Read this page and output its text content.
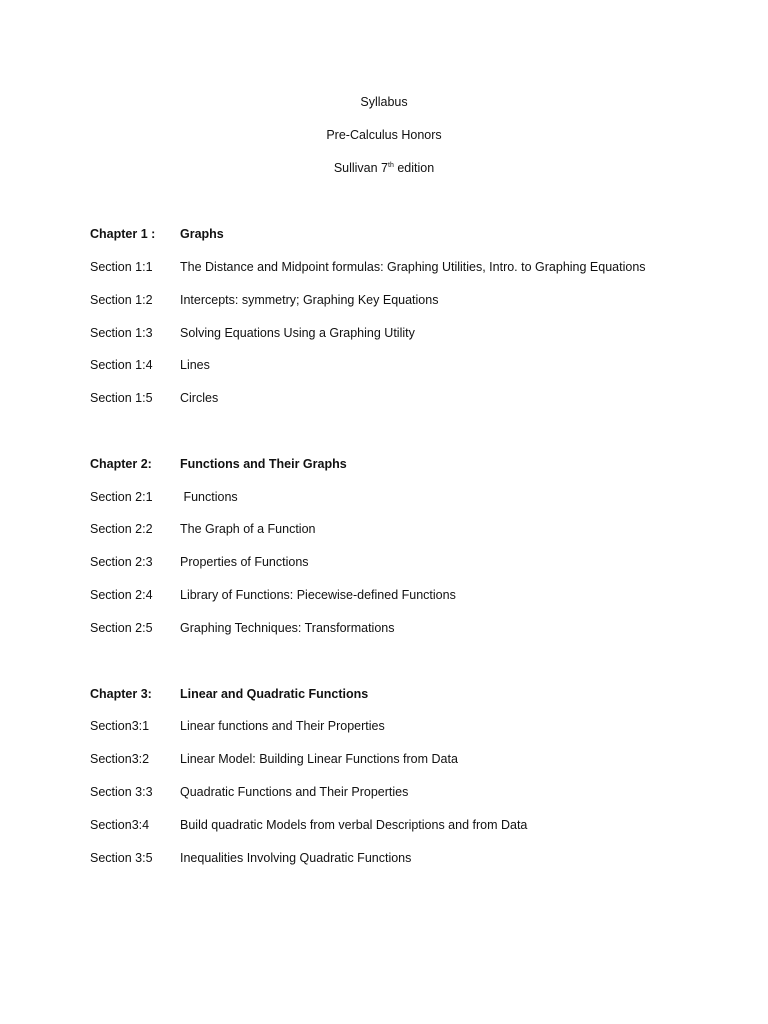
Syllabus
Pre-Calculus Honors
Sullivan 7th edition
Chapter 1 : Graphs
Section 1:1 The Distance and Midpoint formulas: Graphing Utilities, Intro. to Graphing Equations
Section 1:2 Intercepts: symmetry; Graphing Key Equations
Section 1:3 Solving Equations Using a Graphing Utility
Section 1:4 Lines
Section 1:5 Circles
Chapter 2: Functions and Their Graphs
Section 2:1 Functions
Section 2:2 The Graph of a Function
Section 2:3 Properties of Functions
Section 2:4 Library of Functions: Piecewise-defined Functions
Section 2:5 Graphing Techniques: Transformations
Chapter 3: Linear and Quadratic Functions
Section3:1 Linear functions and Their Properties
Section3:2 Linear Model: Building Linear Functions from Data
Section 3:3 Quadratic Functions and Their Properties
Section3:4 Build quadratic Models from verbal Descriptions and from Data
Section 3:5 Inequalities Involving Quadratic Functions
